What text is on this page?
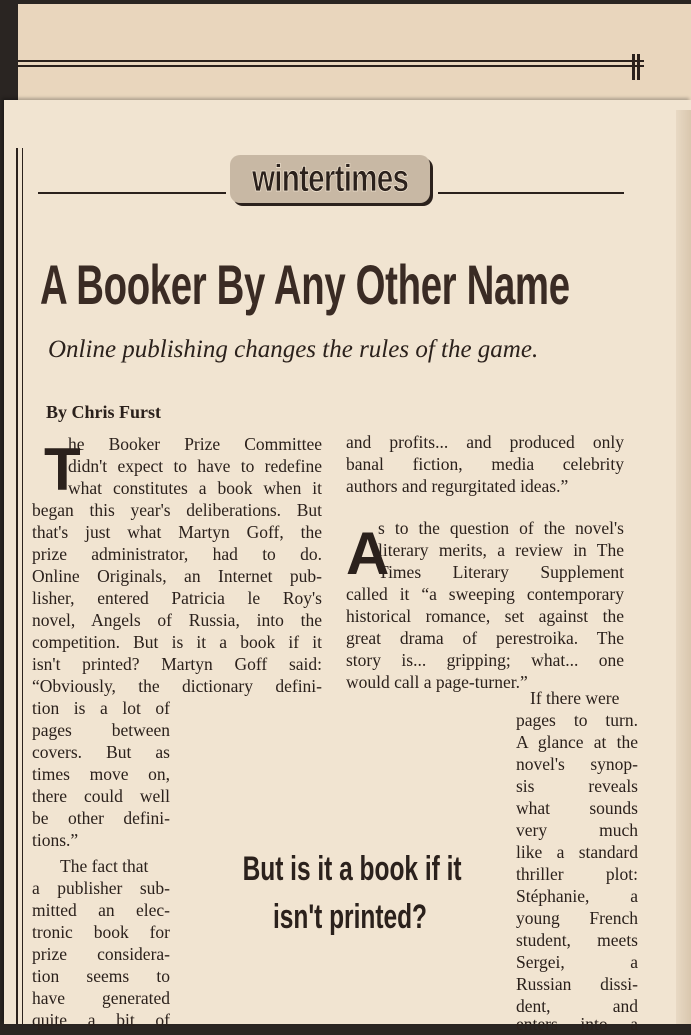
wintertimes
A Booker By Any Other Name
Online publishing changes the rules of the game.
By Chris Furst
T
he Booker Prize Committee
didn't expect to have to redefine
what constitutes a book when it
began this year's deliberations. But
that's just what Martyn Goff, the
prize administrator, had to do.
Online Originals, an Internet pub-
lisher, entered Patricia le Roy's
novel, Angels of Russia, into the
competition. But is it a book if it
isn't printed? Martyn Goff said:
“Obviously, the dictionary defini-
tion is a lot of
pages between
covers. But as
times move on,
there could well
be other defini-
tions.”
The fact that
a publisher sub-
mitted an elec-
tronic book for
prize considera-
tion seems to
have generated
quite a bit of
But is it a book if it
isn't printed?
and profits... and produced only
banal fiction, media celebrity
authors and regurgitated ideas.”
A
s to the question of the novel's
literary merits, a review in The
Times Literary Supplement
called it “a sweeping contemporary
historical romance, set against the
great drama of perestroika. The
story is... gripping; what... one
would call a page-turner.”
If there were
pages to turn.
A glance at the
novel's synop-
sis reveals
what sounds
very much
like a standard
thriller plot:
Stéphanie, a
young French
student, meets
Sergei, a
Russian dissi-
dent, and
enters into a
